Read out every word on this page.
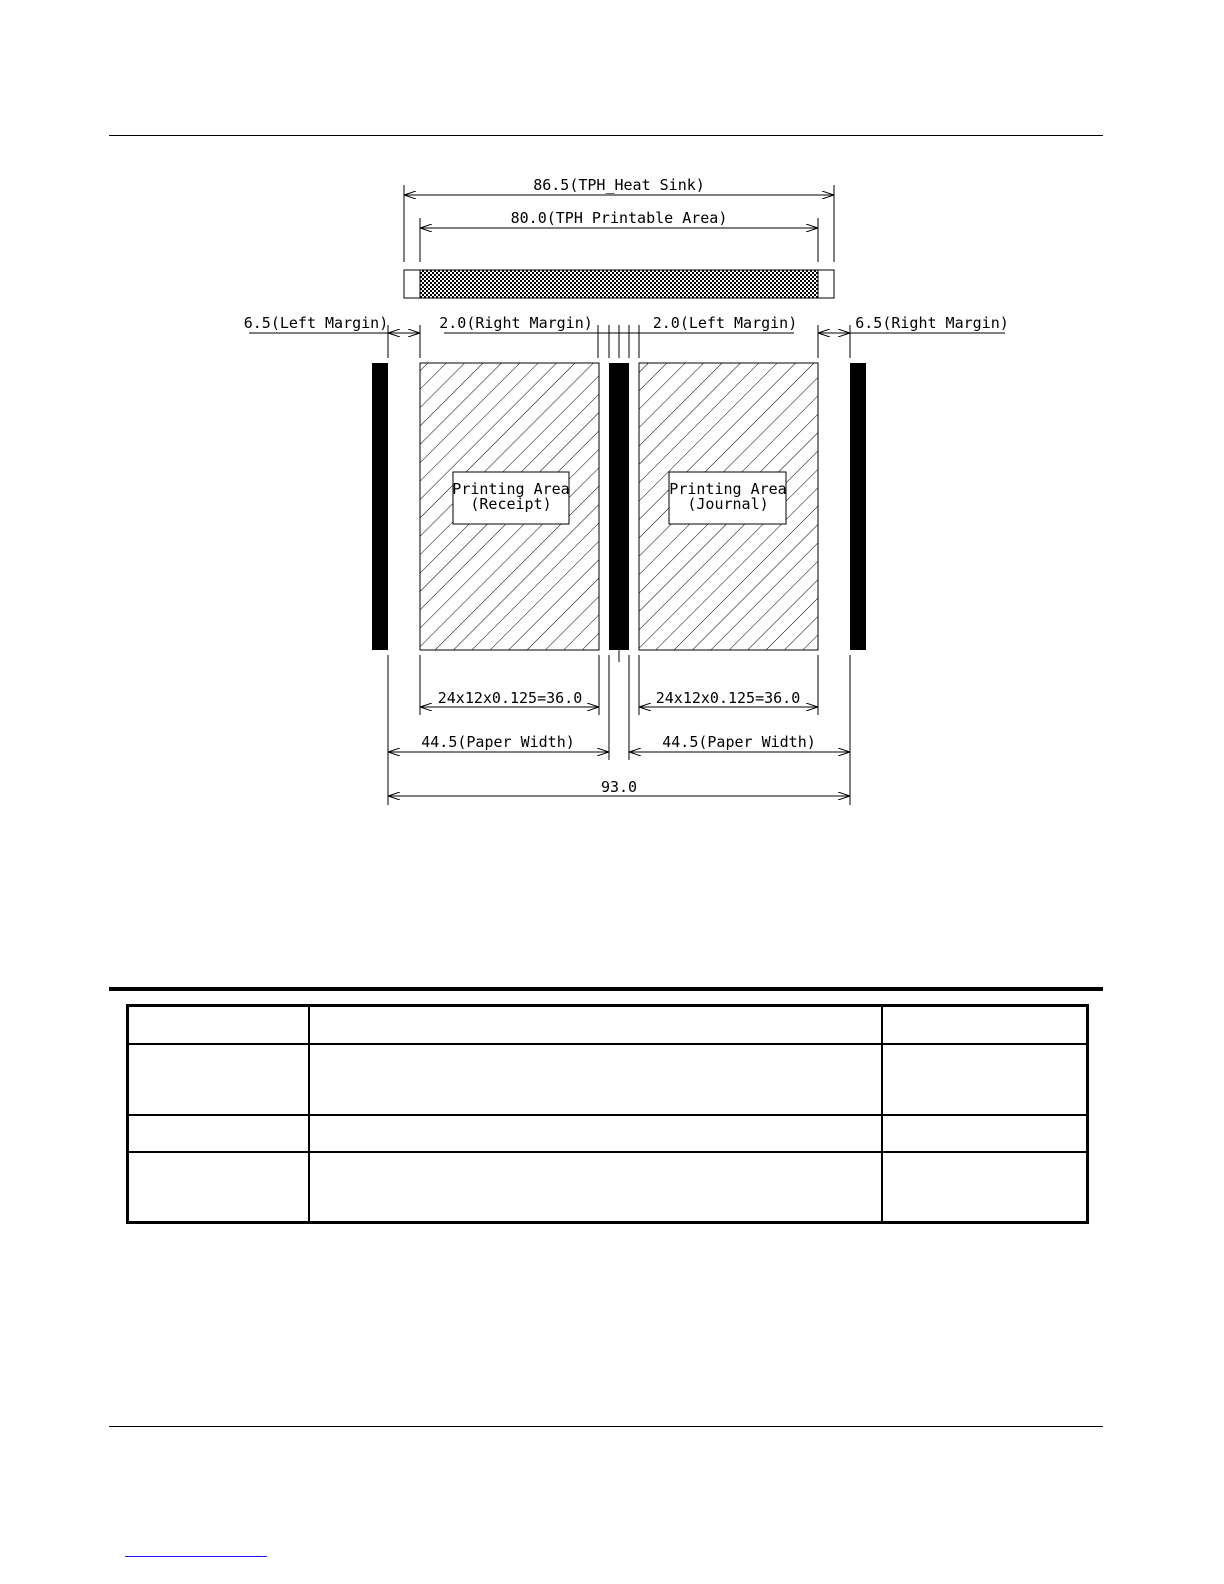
86.5(TPH_Heat Sink)
80.0(TPH Printable Area)
6.5(Left Margin)	2.0(Right Margin)	2.0(Left Margin)	6.5(Right Margin)
Printing Area
(Receipt)
Printing Area
(Journal)
24x12x0.125=36.0	24x12x0.125=36.0
44.5(Paper Width)	44.5(Paper Width)
93.0
